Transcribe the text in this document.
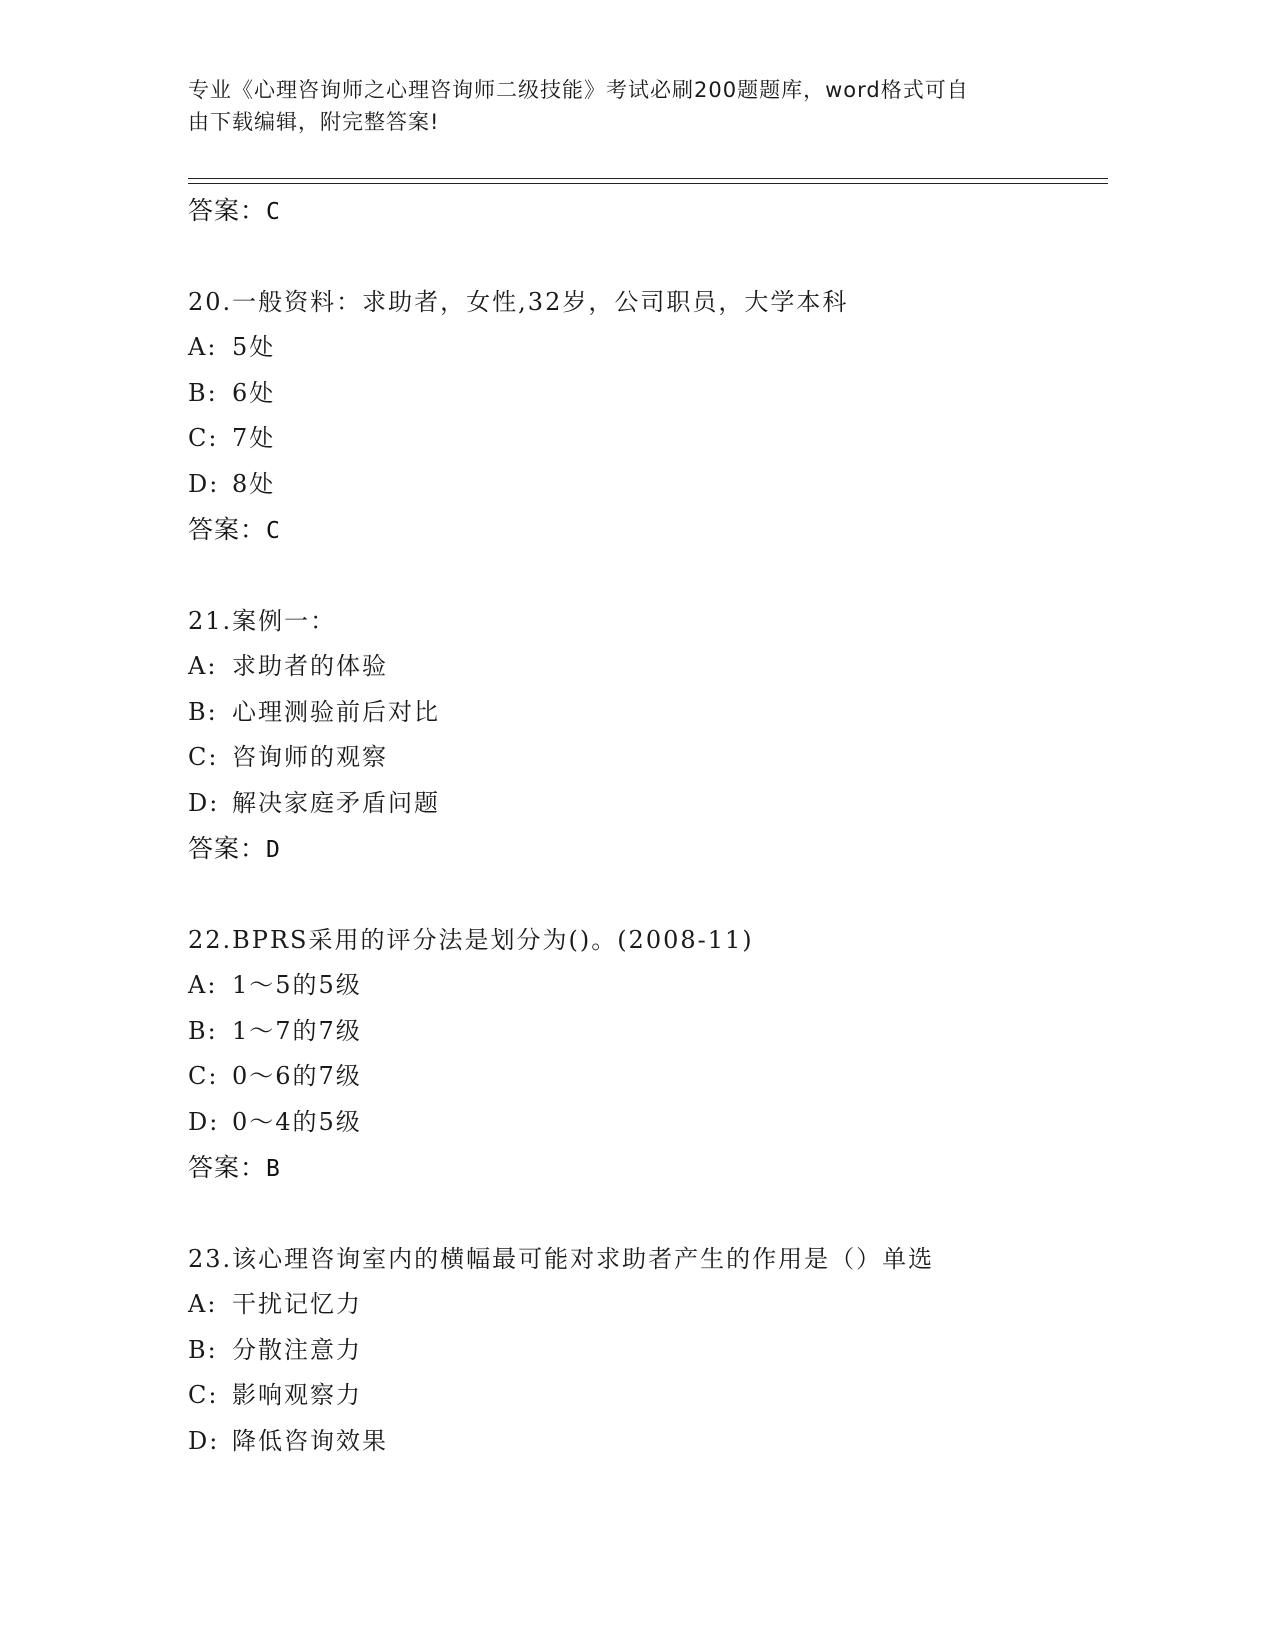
专业《心理咨询师之心理咨询师二级技能》考试必刷200题题库，word格式可自
由下载编辑，附完整答案!
答案：C
20.一般资料：求助者，女性,32岁，公司职员，大学本科
A: 5处
B: 6处
C: 7处
D: 8处
答案：C
21.案例一：
A: 求助者的体验
B: 心理测验前后对比
C: 咨询师的观察
D: 解决家庭矛盾问题
答案：D
22.BPRS采用的评分法是划分为()。(2008-11)
A: 1～5的5级
B: 1～7的7级
C: 0～6的7级
D: 0～4的5级
答案：B
23.该心理咨询室内的横幅最可能对求助者产生的作用是（）单选
A: 干扰记忆力
B: 分散注意力
C: 影响观察力
D: 降低咨询效果
